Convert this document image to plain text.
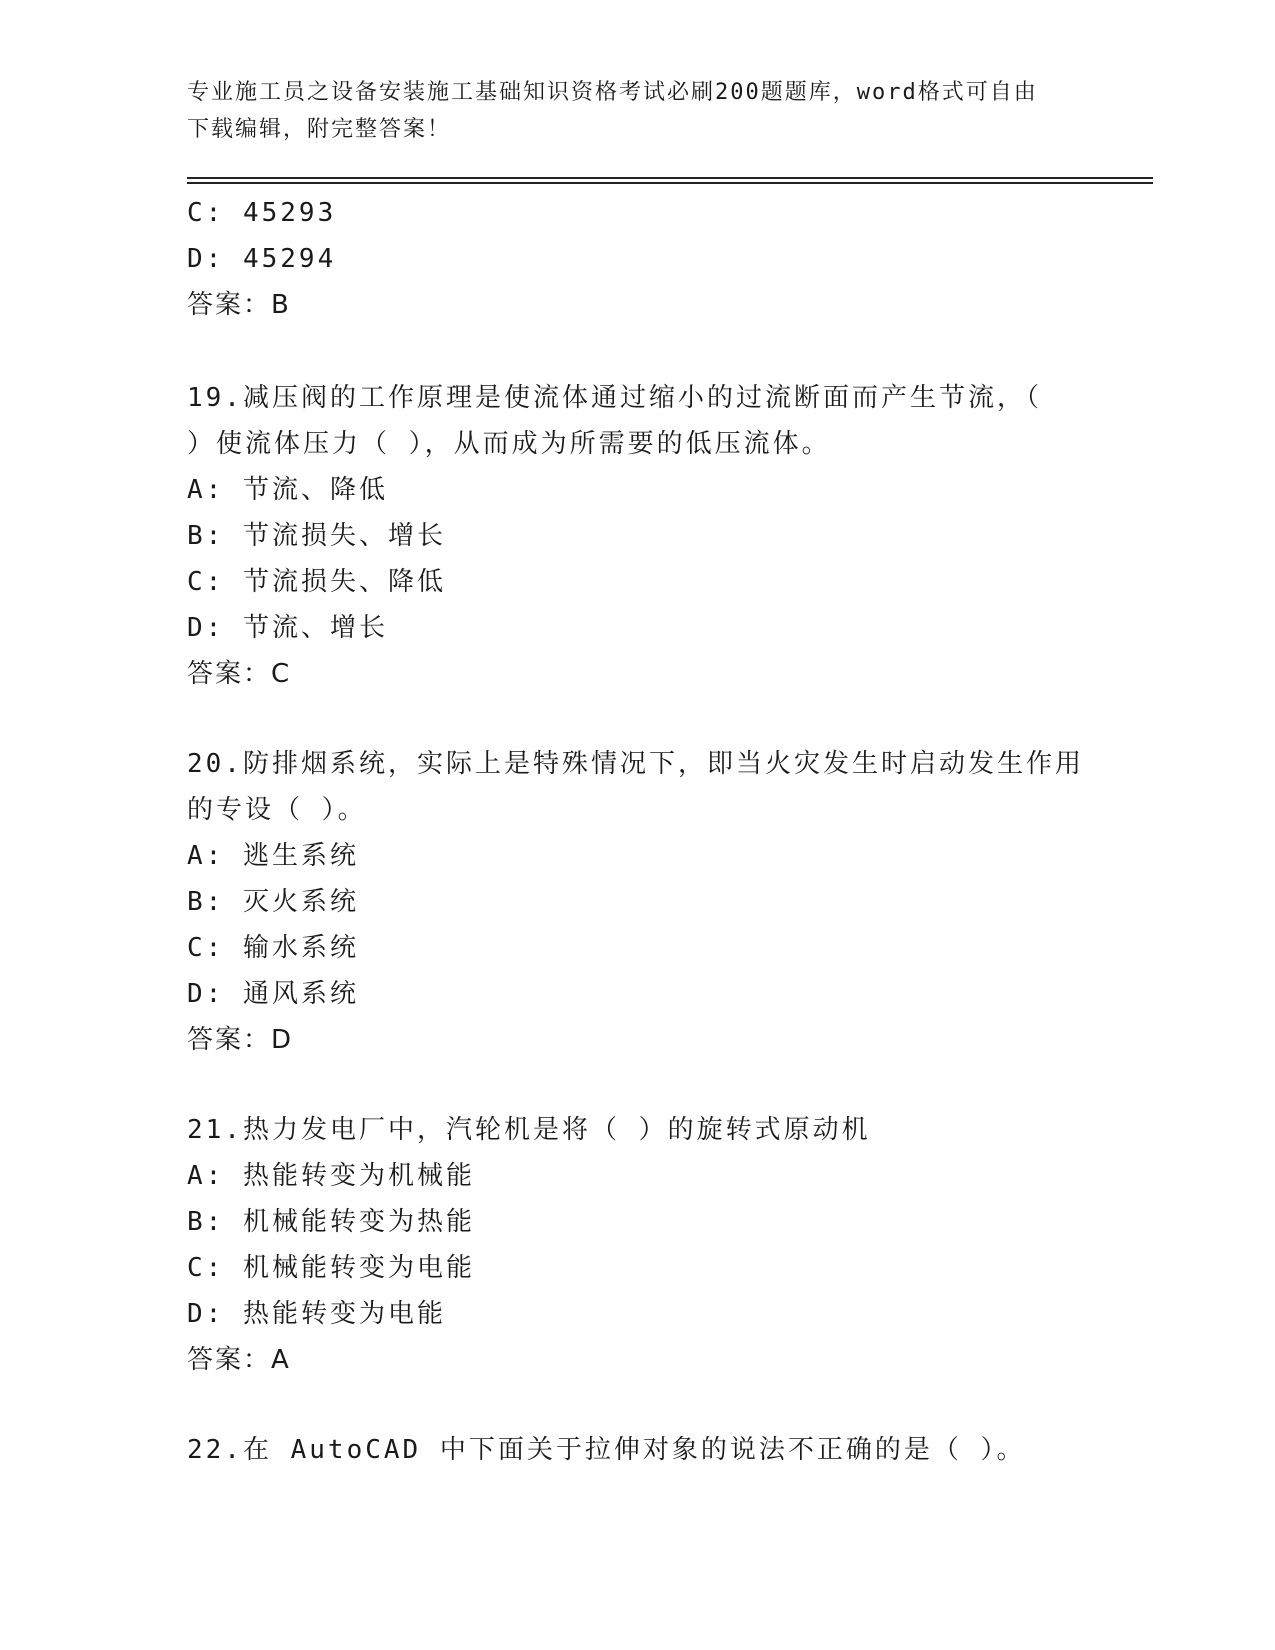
专业施工员之设备安装施工基础知识资格考试必刷200题题库，word格式可自由
下载编辑，附完整答案！
C: 45293
D: 45294
答案：B
19.减压阀的工作原理是使流体通过缩小的过流断面而产生节流，（
）使流体压力（ ），从而成为所需要的低压流体。
A: 节流、降低
B: 节流损失、增长
C: 节流损失、降低
D: 节流、增长
答案：C
20.防排烟系统，实际上是特殊情况下，即当火灾发生时启动发生作用
的专设（ ）。
A: 逃生系统
B: 灭火系统
C: 输水系统
D: 通风系统
答案：D
21.热力发电厂中，汽轮机是将（ ）的旋转式原动机
A: 热能转变为机械能
B: 机械能转变为热能
C: 机械能转变为电能
D: 热能转变为电能
答案：A
22.在 AutoCAD 中下面关于拉伸对象的说法不正确的是（ ）。
